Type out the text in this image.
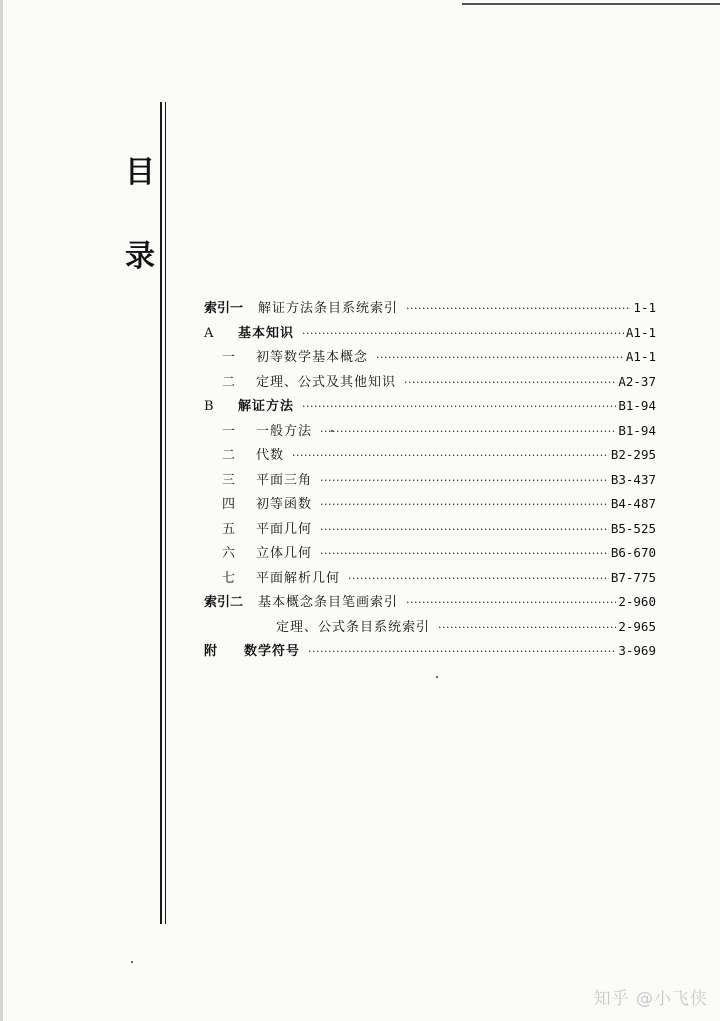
目
录
索引一	解证方法条目系统索引 ·····	1-1
A	基本知识 ·····	A1-1
一	初等数学基本概念 ·····	A1-1
二	定理、公式及其他知识 ·····	A2-37
B	解证方法 ·····	B1-94
一	一般方法 ·····	B1-94
二	代数 ·····	B2-295
三	平面三角 ·····	B3-437
四	初等函数 ·····	B4-487
五	平面几何 ·····	B5-525
六	立体几何 ·····	B6-670
七	平面解析几何 ·····	B7-775
索引二	基本概念条目笔画索引 ·····	2-960
定理、公式条目系统索引 ·····	2-965
附	数学符号 ·····	3-969
知乎 @小飞侠
